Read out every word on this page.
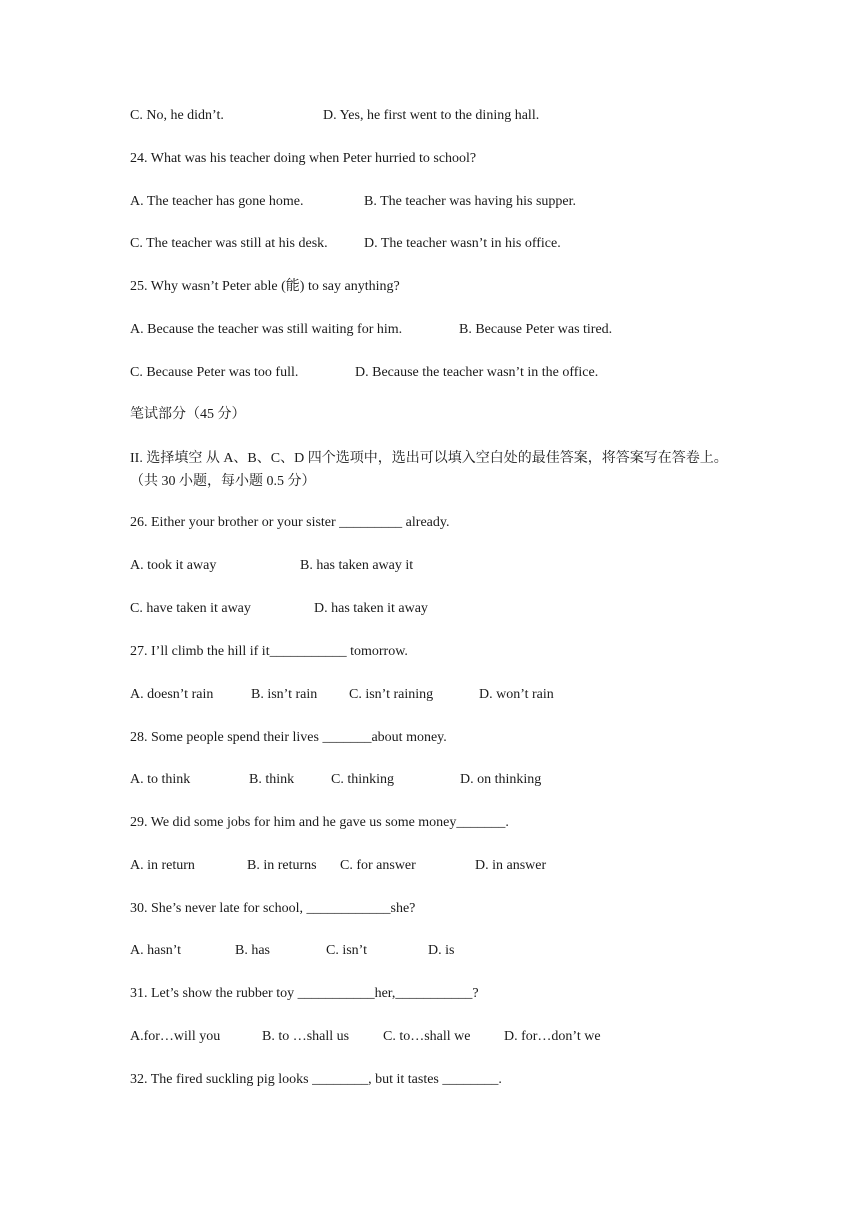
C. No, he didn’t.	D. Yes, he first went to the dining hall.
24. What was his teacher doing when Peter hurried to school?
A. The teacher has gone home.	B. The teacher was having his supper.
C. The teacher was still at his desk.	D. The teacher wasn’t in his office.
25. Why wasn’t Peter able (能) to say anything?
A. Because the teacher was still waiting for him.	B. Because Peter was tired.
C. Because Peter was too full.	D. Because the teacher wasn’t in the office.
笔试部分（45 分）
II. 选择填空 从 A、B、C、D 四个选项中，选出可以填入空白处的最佳答案，将答案写在答卷上。（共 30 小题，每小题 0.5 分）
26. Either your brother or your sister _________ already.
A. took it away	B. has taken away it
C. have taken it away	D. has taken it away
27. I’ll climb the hill if it___________ tomorrow.
A. doesn’t rain	B. isn’t rain C. isn’t raining	D. won’t rain
28. Some people spend their lives _______about money.
A. to think	B. think	C. thinking	D. on thinking
29. We did some jobs for him and he gave us some money_______.
A. in return	B. in returns C. for answer	D. in answer
30. She’s never late for school, ____________she?
A. hasn’t	B. has	C. isn’t	D. is
31. Let’s show the rubber toy ___________her,___________?
A.for…will you	B. to …shall us C. to…shall we D. for…don’t we
32. The fired suckling pig looks ________, but it tastes ________.
